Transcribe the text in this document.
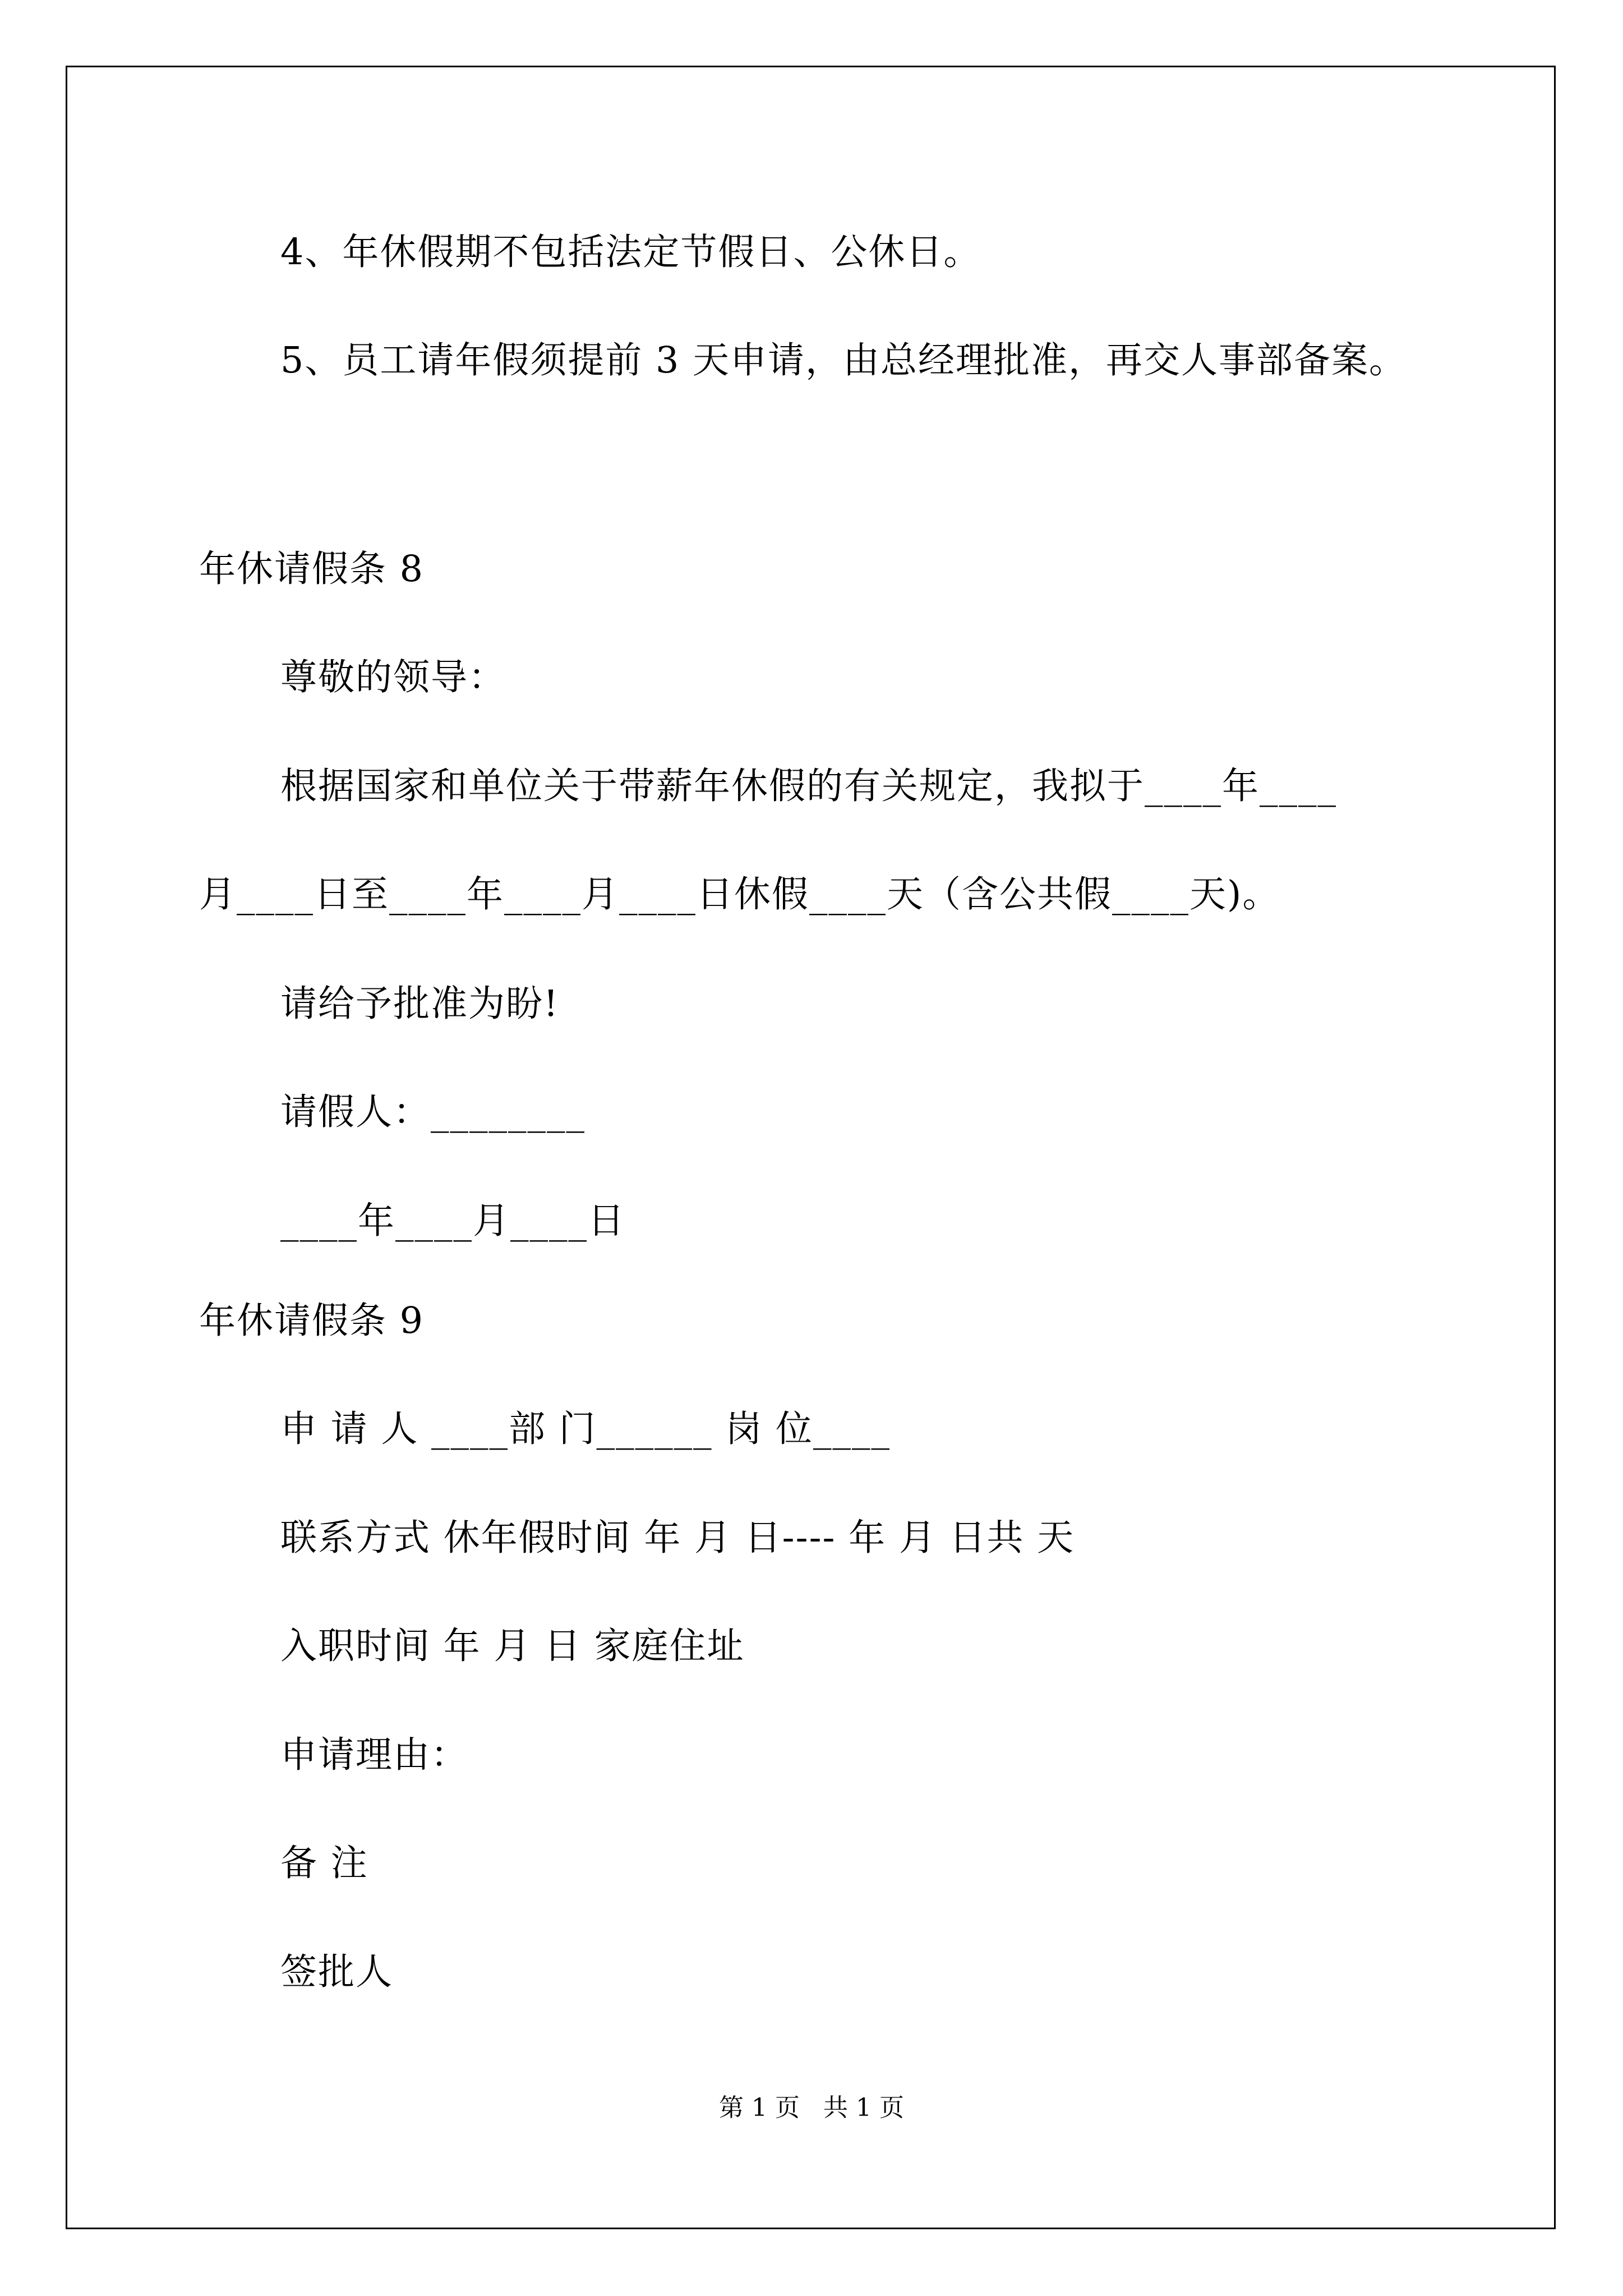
4、年休假期不包括法定节假日、公休日。
5、员工请年假须提前 3 天申请，由总经理批准，再交人事部备案。
年休请假条 8
尊敬的领导：
根据国家和单位关于带薪年休假的有关规定，我拟于____年____
月____日至____年____月____日休假____天（含公共假____天)。
请给予批准为盼!
请假人：________
____年____月____日
年休请假条 9
申 请 人 ____部 门______ 岗 位____
联系方式 休年假时间 年 月 日---- 年 月 日共 天
入职时间 年 月 日 家庭住址
申请理由：
备 注
签批人
第 1 页   共 1 页
